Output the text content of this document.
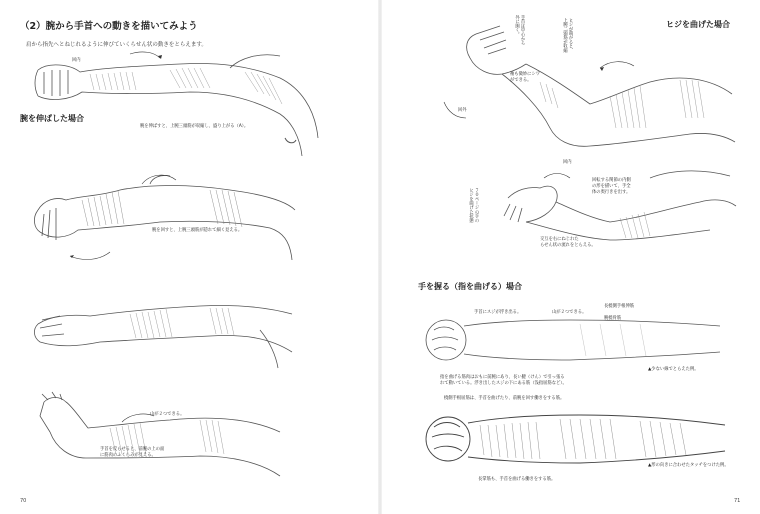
（2）腕から手首への動きを描いてみよう
肩から指先へとねじれるように伸びていくらせん状の動きをとらえます。
回内
腕を伸ばした場合
腕を伸ばすと、上腕三頭筋が収縮し、盛り上がる（A）。
腕を回すと、上腕三頭筋が隠れて細く見える。
山が２つできる。
手首を反らせると、前腕の上の面
に筋肉のふくらみが見える。
70
ヒジを曲げた場合
手首は中心から
外に開く。	ヒジが曲がると、
上腕二頭筋が収縮
袖も微妙にシワ
ができる。
回外
回内
７０ページの手の
ヒジを曲げた状態
回転する関節の内側
の形を描いて、手全
体の奥行きを出す。
交互を右にねじれた
らせん状の流れをとらえる。
手を握る（指を曲げる）場合
手首にスジが浮き出る。	山が２つできる。
長橈側手根伸筋
腕橈骨筋
指を曲げる筋肉はおもに前腕にあり、長い腱（けん）で引っ張る
れて動いている。浮き出したスジの下にある筋（浅指屈筋など）。
▲少ない線でとらえた例。
橈側手根屈筋は、手首を曲げたり、前腕を回す働きをする筋。
長掌筋も、手首を曲げる働きをする筋。
▲形の向きに合わせたタッチをつけた例。
71
